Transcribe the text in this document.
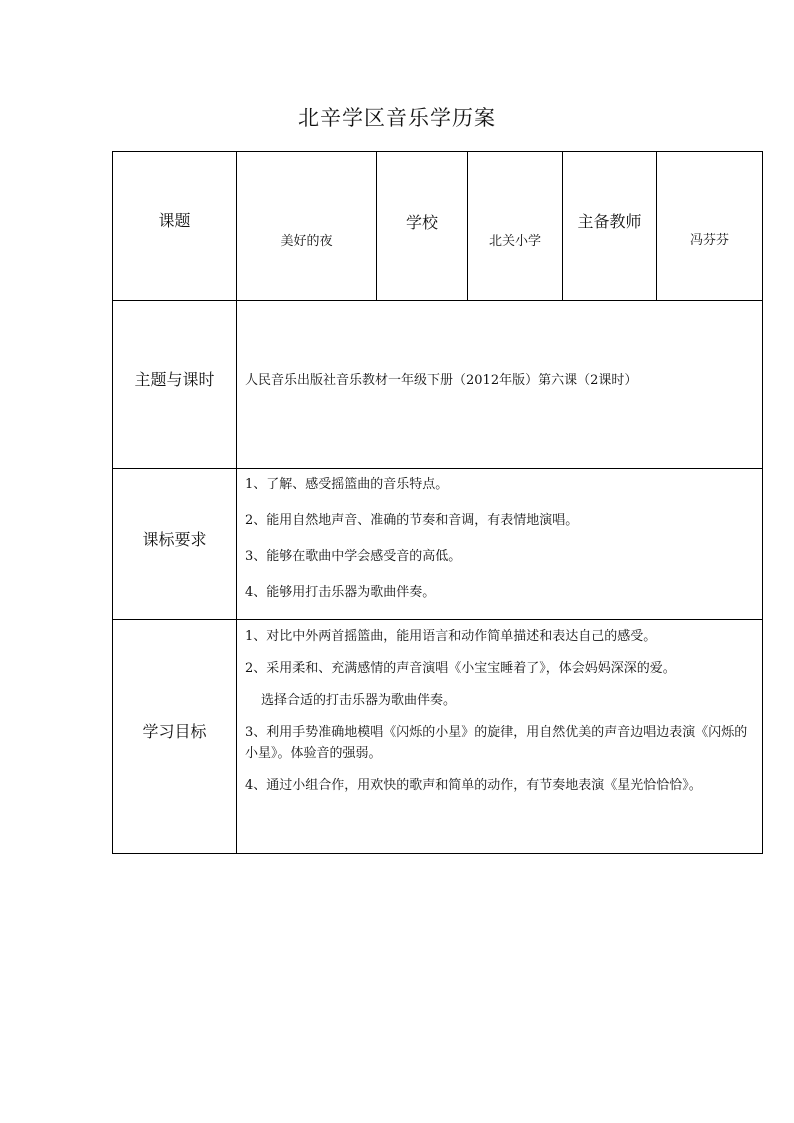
北辛学区音乐学历案
课题	美好的夜	学校	北关小学	主备教师	冯芬芬

主题与课时	人民音乐出版社音乐教材一年级下册（2012年版）第六课（2课时）				

课标要求	1、了解、感受摇篮曲的音乐特点。

2、能用自然地声音、准确的节奏和音调，有表情地演唱。

3、能够在歌曲中学会感受音的高低。

4、能够用打击乐器为歌曲伴奏。				

学习目标	1、对比中外两首摇篮曲，能用语言和动作简单描述和表达自己的感受。

2、采用柔和、充满感情的声音演唱《小宝宝睡着了》，体会妈妈深深的爱。

选择合适的打击乐器为歌曲伴奏。

3、利用手势准确地模唱《闪烁的小星》的旋律，用自然优美的声音边唱边表演《闪烁的小星》。体验音的强弱。

4、通过小组合作，用欢快的歌声和简单的动作，有节奏地表演《星光恰恰恰》。				
